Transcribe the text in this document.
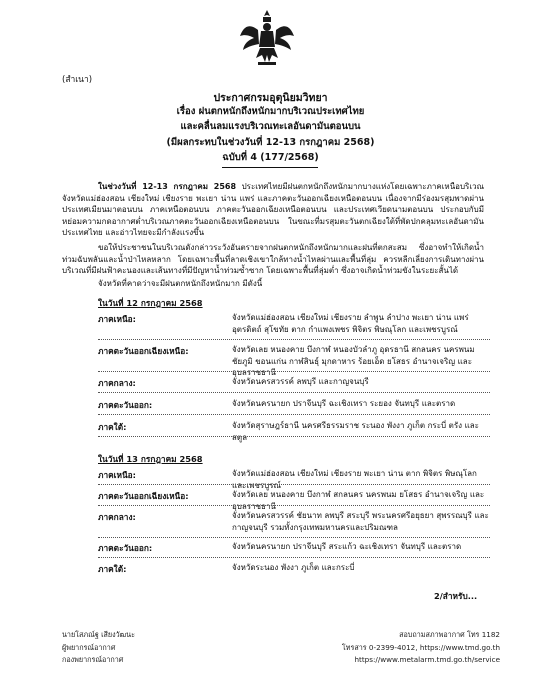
(สำเนา)
ประกาศกรมอุตุนิยมวิทยา
เรื่อง ฝนตกหนักถึงหนักมากบริเวณประเทศไทย
และคลื่นลมแรงบริเวณทะเลอันดามันตอนบน
(มีผลกระทบในช่วงวันที่ 12-13 กรกฎาคม 2568)
ฉบับที่ 4 (177/2568)
ในช่วงวันที่ 12-13 กรกฎาคม 2568 ประเทศไทยมีฝนตกหนักถึงหนักมากบางแห่งโดยเฉพาะภาคเหนือบริเวณจังหวัดแม่ฮ่องสอน เชียงใหม่ เชียงราย พะเยา น่าน แพร่ และภาคตะวันออกเฉียงเหนือตอนบน เนื่องจากมีร่องมรสุมพาดผ่านประเทศเมียนมาตอนบน ภาคเหนือตอนบน ภาคตะวันออกเฉียงเหนือตอนบน และประเทศเวียดนามตอนบน ประกอบกับมีหย่อมความกดอากาศต่ำบริเวณภาคตะวันออกเฉียงเหนือตอนบน ในขณะที่มรสุมตะวันตกเฉียงใต้ที่พัดปกคลุมทะเลอันดามัน ประเทศไทย และอ่าวไทยจะมีกำลังแรงขึ้น
ขอให้ประชาชนในบริเวณดังกล่าวระวังอันตรายจากฝนตกหนักถึงหนักมากและฝนที่ตกสะสม ซึ่งอาจทำให้เกิดน้ำท่วมฉับพลันและน้ำป่าไหลหลาก โดยเฉพาะพื้นที่ลาดเชิงเขาใกล้ทางน้ำไหลผ่านและพื้นที่ลุ่ม ควรหลีกเลี่ยงการเดินทางผ่านบริเวณที่มีฝนฟ้าคะนองและเส้นทางที่มีปัญหาน้ำท่วมซ้ำซาก โดยเฉพาะพื้นที่ลุ่มต่ำ ซึ่งอาจเกิดน้ำท่วมขังในระยะสั้นได้
จังหวัดที่คาดว่าจะมีฝนตกหนักถึงหนักมาก มีดังนี้
ในวันที่ 12 กรกฎาคม 2568
ภาคเหนือ:	จังหวัดแม่ฮ่องสอน เชียงใหม่ เชียงราย ลำพูน ลำปาง พะเยา น่าน แพร่ อุตรดิตถ์ สุโขทัย ตาก กำแพงเพชร พิจิตร พิษณุโลก และเพชรบูรณ์
ภาคตะวันออกเฉียงเหนือ:	จังหวัดเลย หนองคาย บึงกาฬ หนองบัวลำภู อุดรธานี สกลนคร นครพนม ชัยภูมิ ขอนแก่น กาฬสินธุ์ มุกดาหาร ร้อยเอ็ด ยโสธร อำนาจเจริญ และอุบลราชธานี
ภาคกลาง:	จังหวัดนครสวรรค์ ลพบุรี และกาญจนบุรี
ภาคตะวันออก:	จังหวัดนครนายก ปราจีนบุรี ฉะเชิงเทรา ระยอง จันทบุรี และตราด
ภาคใต้:	จังหวัดสุราษฎร์ธานี นครศรีธรรมราช ระนอง พังงา ภูเก็ต กระบี่ ตรัง และสตูล
ในวันที่ 13 กรกฎาคม 2568
ภาคเหนือ:	จังหวัดแม่ฮ่องสอน เชียงใหม่ เชียงราย พะเยา น่าน ตาก พิจิตร พิษณุโลก และเพชรบูรณ์
ภาคตะวันออกเฉียงเหนือ:	จังหวัดเลย หนองคาย บึงกาฬ สกลนคร นครพนม ยโสธร อำนาจเจริญ และอุบลราชธานี
ภาคกลาง:	จังหวัดนครสวรรค์ ชัยนาท ลพบุรี สระบุรี พระนครศรีอยุธยา สุพรรณบุรี และกาญจนบุรี รวมทั้งกรุงเทพมหานครและปริมณฑล
ภาคตะวันออก:	จังหวัดนครนายก ปราจีนบุรี สระแก้ว ฉะเชิงเทรา จันทบุรี และตราด
ภาคใต้:	จังหวัดระนอง พังงา ภูเก็ต และกระบี่
2/สำหรับ...
นายโสภณ์ฐ เสียงวัฒนะ
ผู้พยากรณ์อากาศ
กองพยากรณ์อากาศ
สอบถามสภาพอากาศ โทร 1182
โทรสาร 0-2399-4012, https://www.tmd.go.th
https://www.metalarm.tmd.go.th/service
